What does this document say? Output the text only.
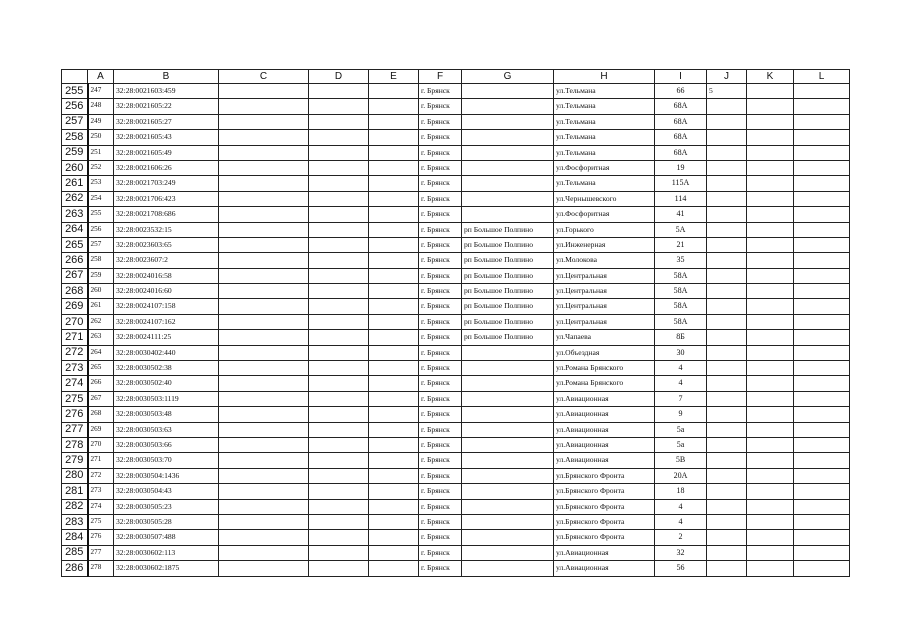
	A	B	C	D	E	F	G	H	I	J	K	L
255	247	32:28:0021603:459				г. Брянск		ул.Тельмана	66	5		
256	248	32:28:0021605:22				г. Брянск		ул.Тельмана	68А			
257	249	32:28:0021605:27				г. Брянск		ул.Тельмана	68А			
258	250	32:28:0021605:43				г. Брянск		ул.Тельмана	68А			
259	251	32:28:0021605:49				г. Брянск		ул.Тельмана	68А			
260	252	32:28:0021606:26				г. Брянск		ул.Фосфоритная	19			
261	253	32:28:0021703:249				г. Брянск		ул.Тельмана	115А			
262	254	32:28:0021706:423				г. Брянск		ул.Чернышевского	114			
263	255	32:28:0021708:686				г. Брянск		ул.Фосфоритная	41			
264	256	32:28:0023532:15				г. Брянск	рп Большое Полпино	ул.Горького	5А			
265	257	32:28:0023603:65				г. Брянск	рп Большое Полпино	ул.Инженерная	21			
266	258	32:28:0023607:2				г. Брянск	рп Большое Полпино	ул.Молокова	35			
267	259	32:28:0024016:58				г. Брянск	рп Большое Полпино	ул.Центральная	58А			
268	260	32:28:0024016:60				г. Брянск	рп Большое Полпино	ул.Центральная	58А			
269	261	32:28:0024107:158				г. Брянск	рп Большое Полпино	ул.Центральная	58А			
270	262	32:28:0024107:162				г. Брянск	рп Большое Полпино	ул.Центральная	58А			
271	263	32:28:0024111:25				г. Брянск	рп Большое Полпино	ул.Чапаева	8Б			
272	264	32:28:0030402:440				г. Брянск		ул.Объездная	30			
273	265	32:28:0030502:38				г. Брянск		ул.Романа Брянского	4			
274	266	32:28:0030502:40				г. Брянск		ул.Романа Брянского	4			
275	267	32:28:0030503:1119				г. Брянск		ул.Авиационная	7			
276	268	32:28:0030503:48				г. Брянск		ул.Авиационная	9			
277	269	32:28:0030503:63				г. Брянск		ул.Авиационная	5а			
278	270	32:28:0030503:66				г. Брянск		ул.Авиационная	5а			
279	271	32:28:0030503:70				г. Брянск		ул.Авиационная	5В			
280	272	32:28:0030504:1436				г. Брянск		ул.Брянского Фронта	20А			
281	273	32:28:0030504:43				г. Брянск		ул.Брянского Фронта	18			
282	274	32:28:0030505:23				г. Брянск		ул.Брянского Фронта	4			
283	275	32:28:0030505:28				г. Брянск		ул.Брянского Фронта	4			
284	276	32:28:0030507:488				г. Брянск		ул.Брянского Фронта	2			
285	277	32:28:0030602:113				г. Брянск		ул.Авиационная	32			
286	278	32:28:0030602:1875				г. Брянск		ул.Авиационная	56			
